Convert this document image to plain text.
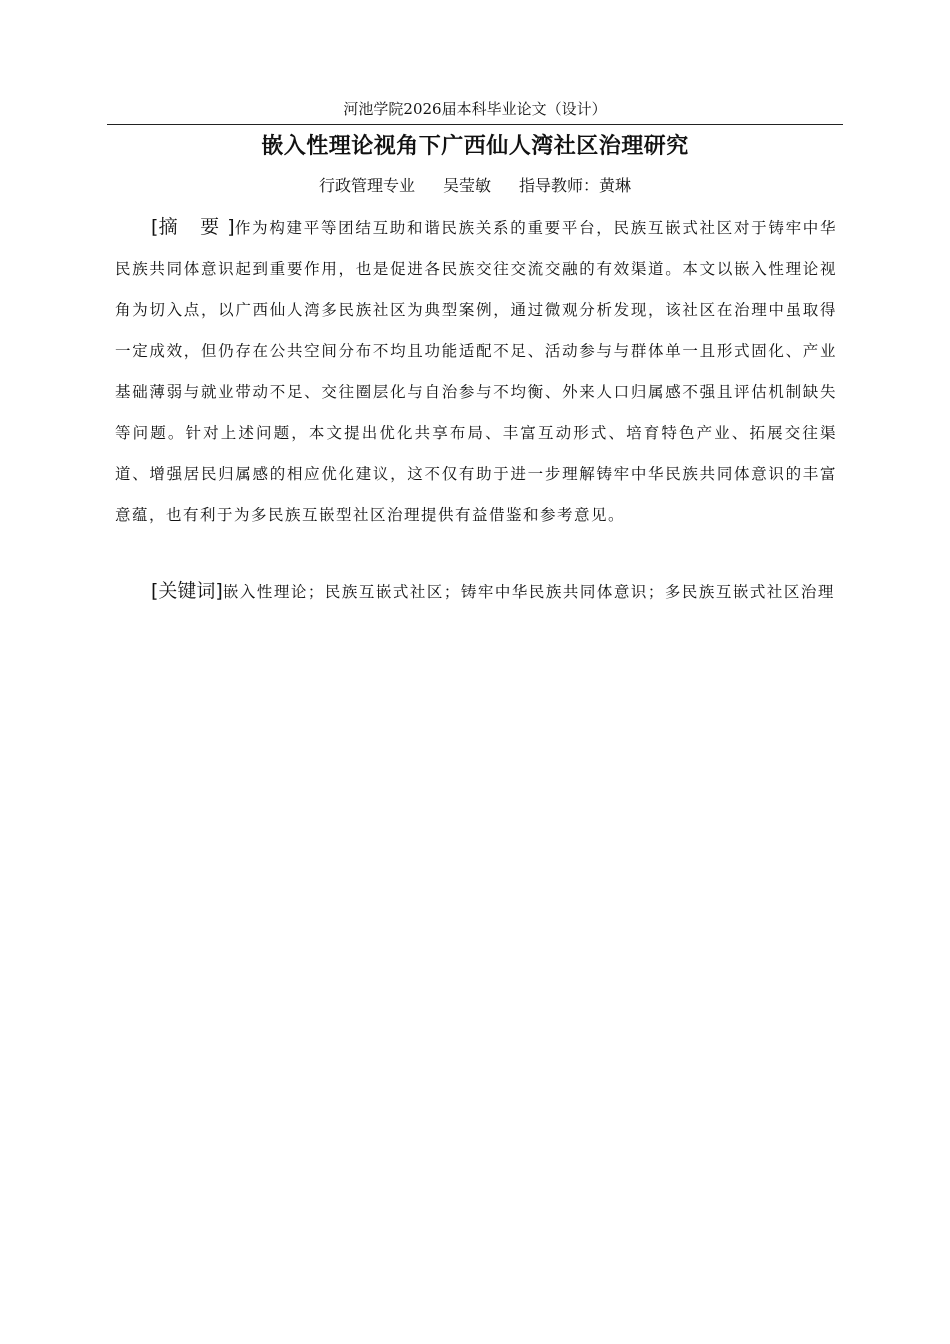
河池学院2026届本科毕业论文（设计）
嵌入性理论视角下广西仙人湾社区治理研究
行政管理专业 吴莹敏 指导教师：黄琳

[摘 要]作为构建平等团结互助和谐民族关系的重要平台，民族互嵌式社区对于铸牢中华民族共同体意识起到重要作用，也是促进各民族交往交流交融的有效渠道。本文以嵌入性理论视角为切入点，以广西仙人湾多民族社区为典型案例，通过微观分析发现，该社区在治理中虽取得一定成效，但仍存在公共空间分布不均且功能适配不足、活动参与与群体单一且形式固化、产业基础薄弱与就业带动不足、交往圈层化与自治参与不均衡、外来人口归属感不强且评估机制缺失等问题。针对上述问题，本文提出优化共享布局、丰富互动形式、培育特色产业、拓展交往渠道、增强居民归属感的相应优化建议，这不仅有助于进一步理解铸牢中华民族共同体意识的丰富意蕴，也有利于为多民族互嵌型社区治理提供有益借鉴和参考意见。

[关键词]嵌入性理论；民族互嵌式社区；铸牢中华民族共同体意识；多民族互嵌式社区治理
